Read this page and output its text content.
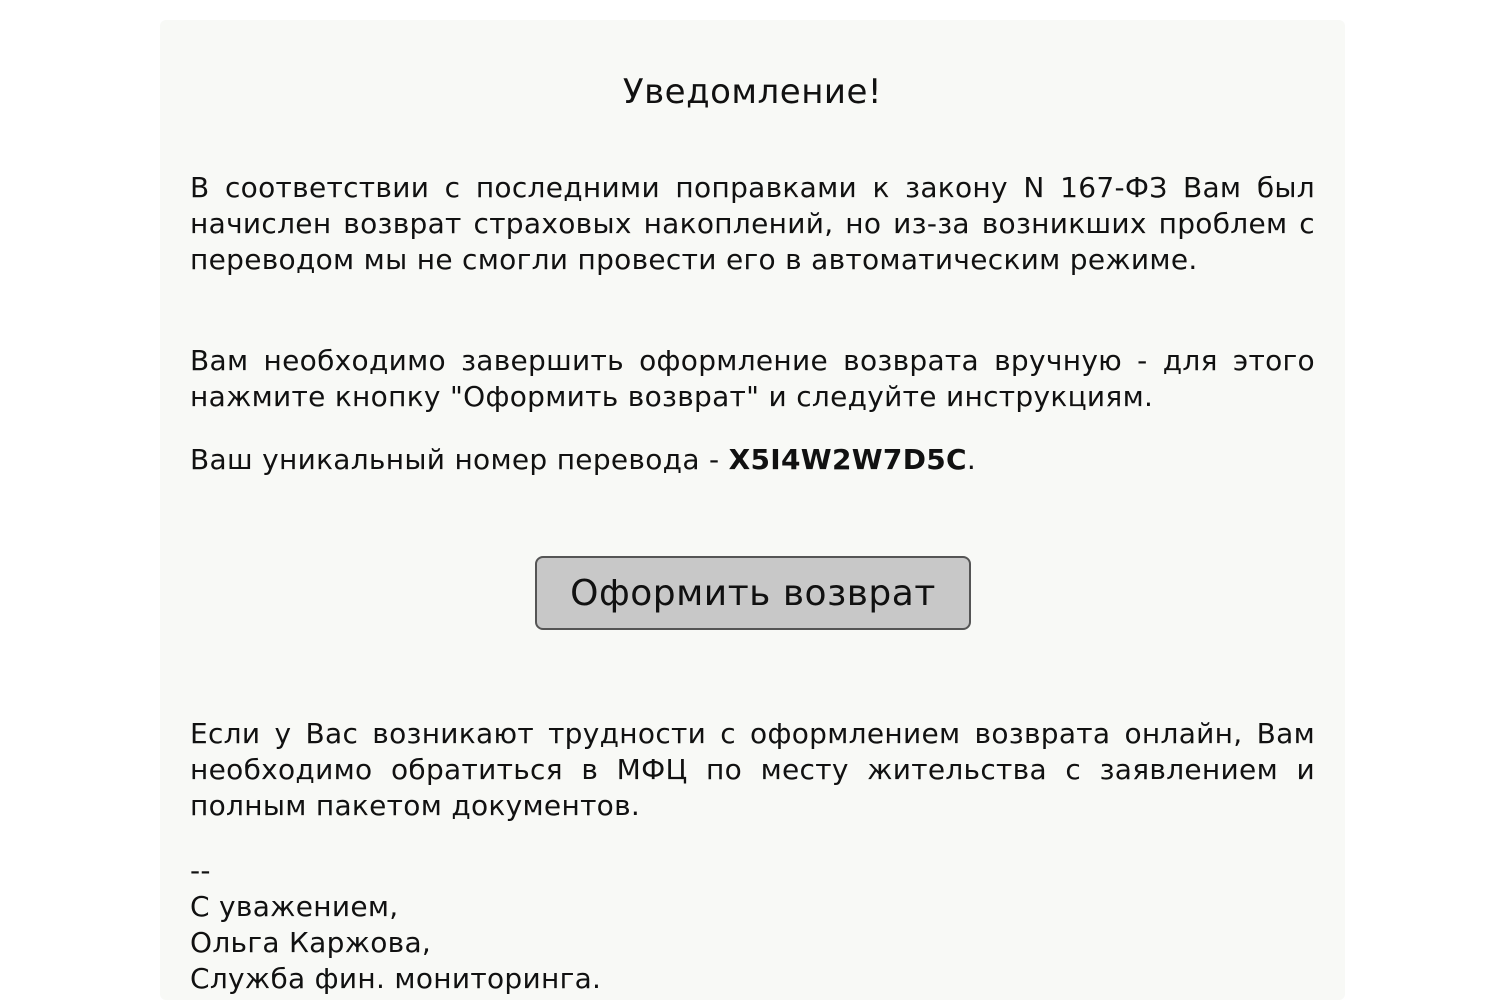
Уведомление!

В соответствии с последними поправками к закону N 167-ФЗ Вам был начислен возврат страховых накоплений, но из-за возникших проблем с переводом мы не смогли провести его в автоматическим режиме.

Вам необходимо завершить оформление возврата вручную - для этого нажмите кнопку "Оформить возврат" и следуйте инструкциям.

Ваш уникальный номер перевода - X5I4W2W7D5C.

Оформить возврат

Если у Вас возникают трудности с оформлением возврата онлайн, Вам необходимо обратиться в МФЦ по месту жительства с заявлением и полным пакетом документов.

--
С уважением,
Ольга Каржова,
Служба фин. мониторинга.
